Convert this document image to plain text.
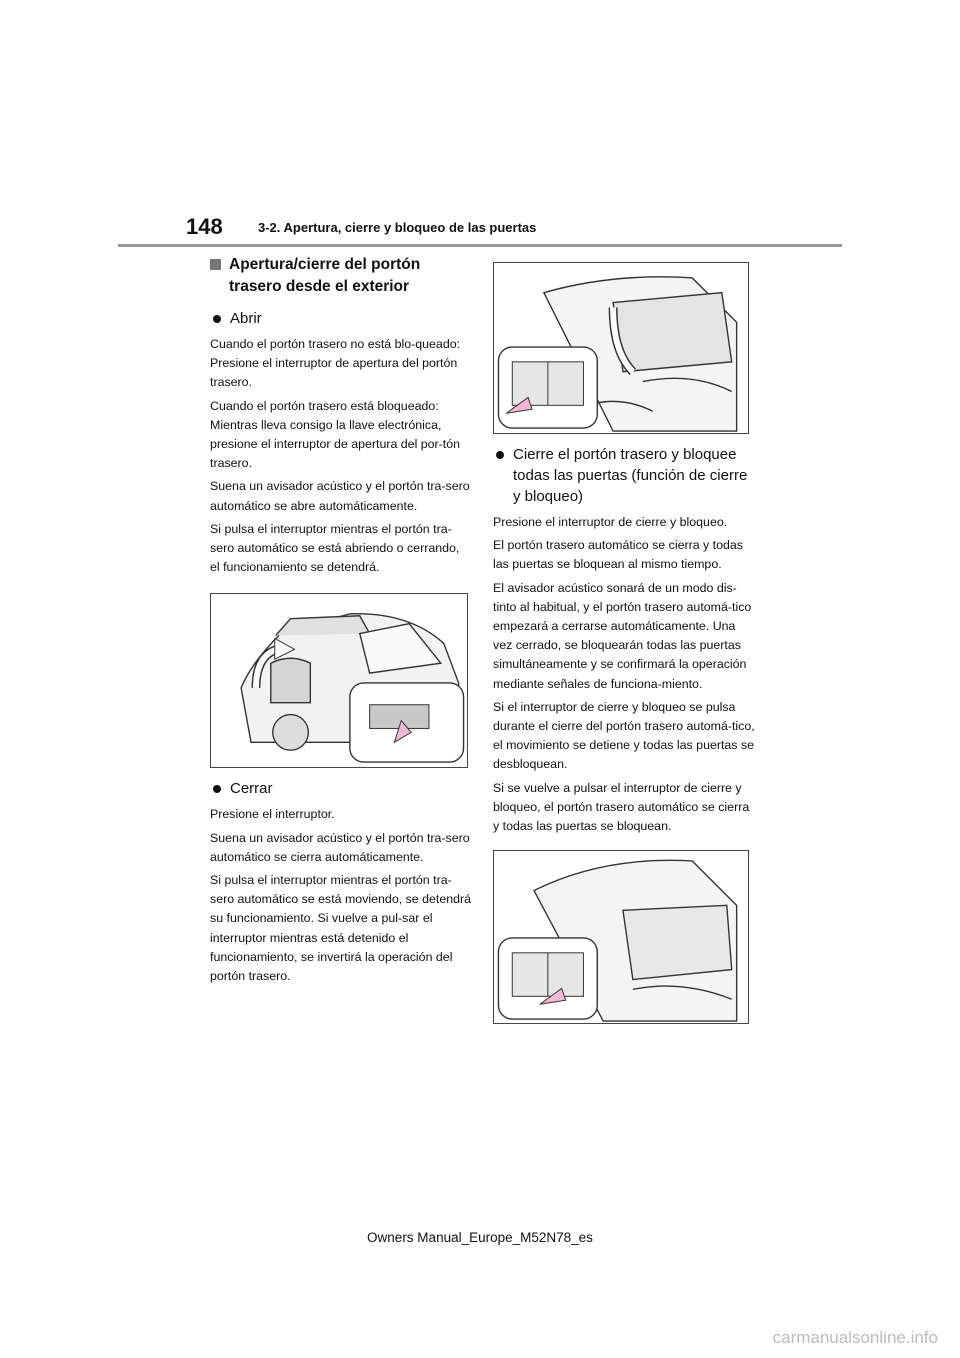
148	3-2. Apertura, cierre y bloqueo de las puertas
Apertura/cierre del portón trasero desde el exterior
Abrir
Cuando el portón trasero no está blo-queado: Presione el interruptor de apertura del portón trasero.
Cuando el portón trasero está bloqueado: Mientras lleva consigo la llave electrónica, presione el interruptor de apertura del por-tón trasero.
Suena un avisador acústico y el portón tra-sero automático se abre automáticamente.
Si pulsa el interruptor mientras el portón tra-sero automático se está abriendo o cerrando, el funcionamiento se detendrá.
Cerrar
Presione el interruptor.
Suena un avisador acústico y el portón tra-sero automático se cierra automáticamente.
Si pulsa el interruptor mientras el portón tra-sero automático se está moviendo, se detendrá su funcionamiento. Si vuelve a pul-sar el interruptor mientras está detenido el funcionamiento, se invertirá la operación del portón trasero.
Cierre el portón trasero y bloquee todas las puertas (función de cierre y bloqueo)
Presione el interruptor de cierre y bloqueo.
El portón trasero automático se cierra y todas las puertas se bloquean al mismo tiempo.
El avisador acústico sonará de un modo dis-tinto al habitual, y el portón trasero automá-tico empezará a cerrarse automáticamente. Una vez cerrado, se bloquearán todas las puertas simultáneamente y se confirmará la operación mediante señales de funciona-miento.
Si el interruptor de cierre y bloqueo se pulsa durante el cierre del portón trasero automá-tico, el movimiento se detiene y todas las puertas se desbloquean.
Si se vuelve a pulsar el interruptor de cierre y bloqueo, el portón trasero automático se cierra y todas las puertas se bloquean.
Owners Manual_Europe_M52N78_es
carmanualsonline.info
